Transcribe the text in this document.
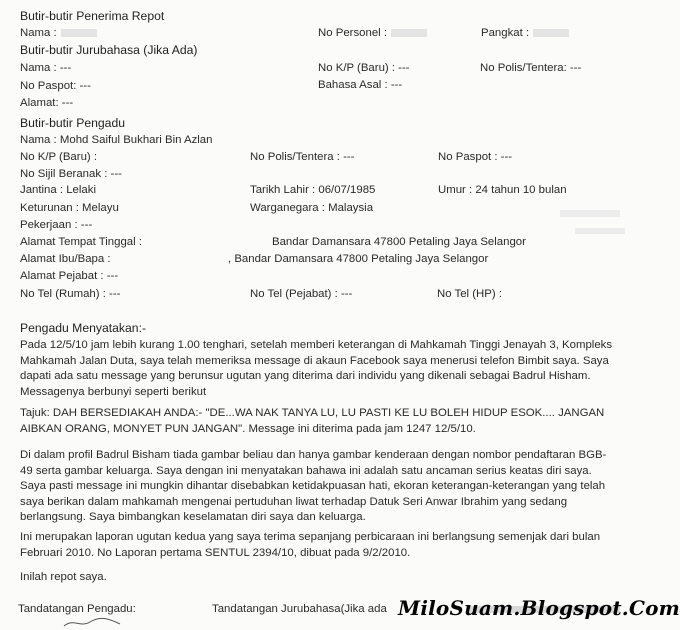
Butir-butir Penerima Repot
Nama :	No Personel :	Pangkat :
Butir-butir Jurubahasa (Jika Ada)
Nama : ---	No K/P (Baru) : ---	No Polis/Tentera: ---
No Paspot: ---	Bahasa Asal : ---
Alamat: ---
Butir-butir Pengadu
Nama : Mohd Saiful Bukhari Bin Azlan
No K/P (Baru) :	No Polis/Tentera : ---	No Paspot : ---
No Sijil Beranak : ---
Jantina : Lelaki	Tarikh Lahir : 06/07/1985	Umur : 24 tahun 10 bulan
Keturunan : Melayu	Warganegara : Malaysia
Pekerjaan : ---
Alamat Tempat Tinggal :	Bandar Damansara 47800 Petaling Jaya Selangor
Alamat Ibu/Bapa :	, Bandar Damansara 47800 Petaling Jaya Selangor
Alamat Pejabat : ---
No Tel (Rumah) : ---	No Tel (Pejabat) : ---	No Tel (HP) :
Pengadu Menyatakan:-
Pada 12/5/10 jam lebih kurang 1.00 tenghari, setelah memberi keterangan di Mahkamah Tinggi Jenayah 3, Kompleks
Mahkamah Jalan Duta, saya telah memeriksa message di akaun Facebook saya menerusi telefon Bimbit saya. Saya
dapati ada satu message yang berunsur ugutan yang diterima dari individu yang dikenali sebagai Badrul Hisham.
Messagenya berbunyi seperti berikut
Tajuk: DAH BERSEDIAKAH ANDA:- "DE...WA NAK TANYA LU, LU PASTI KE LU BOLEH HIDUP ESOK.... JANGAN
AIBKAN ORANG, MONYET PUN JANGAN". Message ini diterima pada jam 1247 12/5/10.
Di dalam profil Badrul Bisham tiada gambar beliau dan hanya gambar kenderaan dengan nombor pendaftaran BGB-
49 serta gambar keluarga. Saya dengan ini menyatakan bahawa ini adalah satu ancaman serius keatas diri saya.
Saya pasti message ini mungkin dihantar disebabkan ketidakpuasan hati, ekoran keterangan-keterangan yang telah
saya berikan dalam mahkamah mengenai pertuduhan liwat terhadap Datuk Seri Anwar Ibrahim yang sedang
berlangsung. Saya bimbangkan keselamatan diri saya dan keluarga.
Ini merupakan laporan ugutan kedua yang saya terima sepanjang perbicaraan ini berlangsung semenjak dari bulan
Februari 2010. No Laporan pertama SENTUL 2394/10, dibuat pada 9/2/2010.
Inilah repot saya.
Tandatangan Pengadu:	Tandatangan Jurubahasa(Jika ada MiloSuam.Blogspot.Com
